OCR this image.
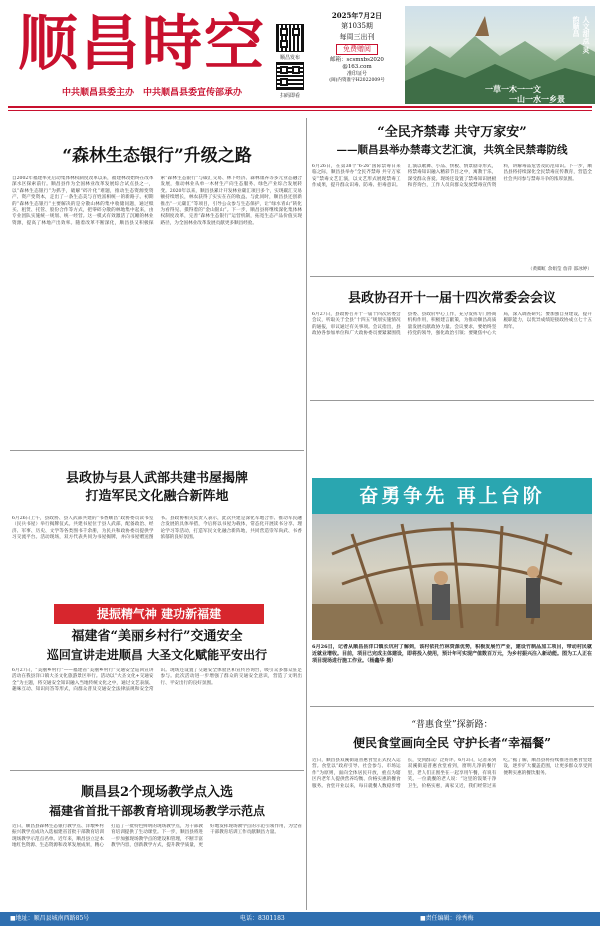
顺昌時空
中共顺昌县委主办　中共顺昌县委宣传部承办
顺昌发布
扫码即看
2025年7月2日
第1035期
每周三出刊
免费赠阅
邮箱：scsmxbs2020
@163.com
准印证号
(闽)内资准字H2022009号
人文甜点 灵韵顺昌
一草一木一一文
一山一水一乡景
“森林生态银行”升级之路
自2002年福建率先启动集体林权制度改革以来，福建林改始终在改革深水区探索前行。顺昌县作为全国林业改革发展综合试点县之一，以“森林生态银行”为抓手，破解“碎片化”难题，推动生态资源变资产、资产变资本，走出了一条生态美与百姓富相统一的新路子。初期的“森林生态银行”主要解决的是分散山林的集中收储问题，通过赎买、租赁、托管、股份合作等方式，把零碎分散的林地集中起来，由专业团队实施统一规划、统一经营。这一模式有效激活了沉睡的林业资源，提高了林地产出效率。随着改革不断深化，顺昌县又积极探索“森林生态银行”与碳汇交易、林下经济、森林康养等多元业态融合发展，推动林业从单一木材生产向生态服务、绿色产业综合发展转变。2020年以来，顺昌县累计开发林业碳汇项目多个，实现碳汇交易额持续增长，林农获得了实实在在的收益。与此同时，顺昌县还创新推出“一元碳汇”等项目，引导公众参与生态保护，让“绿水青山”转化为看得见、摸得着的“金山银山”。下一步，顺昌县将继续深化集体林权制度改革，完善“森林生态银行”运营机制，拓宽生态产品价值实现路径，为全国林业改革发展贡献更多顺昌经验。
县政协与县人武部共建书屋揭牌
打造军民文化融合新阵地
6月26日上午，县政协、县人武部共建的“书香顺昌”政协委员读书室（民兵书屋）举行揭牌仪式。共建书屋位于县人武部，配备政治、经济、军事、历史、文学等各类图书千余册，为民兵和政协委员提供学习交流平台。活动现场，双方代表共同为书屋揭牌，并向书屋赠送图书。县政协相关负责人表示，此次共建是深化军地合作、推动军民融合发展的具体举措，今后将以书屋为载体，常态化开展读书分享、理论学习等活动，打造军民文化融合新阵地，共同营造崇军尚武、书香浓郁的良好氛围。
提振精气神 建功新福建
福建省“美丽乡村行”交通安全
巡回宣讲走进顺昌 大圣文化赋能平安出行
6月27日，“美丽乡村行”——福建省“美丽乡村行”交通安全巡回宣讲活动在我县洋口镇大圣文化旅游景区举行。活动以“大圣文化+交通安全”为主题，将交通安全知识融入当地传统文化之中，通过文艺表演、趣味互动、知识问答等形式，向群众普及交通安全法律法规和安全常识。现场还设置了交通安全体验区和宣传咨询台，吸引众多群众驻足参与。此次活动进一步增强了群众的交通安全意识，营造了文明出行、平安出行的良好氛围。
顺昌县2个现场教学点入选
福建省首批干部教育培训现场教学示范点
近日，顺昌县森林生态银行教学点、洋墩乡村振兴教学点成功入选福建省首批干部教育培训现场教学示范点名单。近年来，顺昌县立足本地红色资源、生态资源和改革发展成果，精心打造了一批特色鲜明的现场教学点，为干部教育培训提供了生动课堂。下一步，顺昌县将进一步加强现场教学点的建设和管理，不断丰富教学内容，创新教学方式，提升教学质量，更好地发挥现场教学点的示范引领作用，为全省干部教育培训工作贡献顺昌力量。
“全民齐禁毒 共守万家安”
——顺昌县举办禁毒文艺汇演，共筑全民禁毒防线
6月26日，在第38个“6·26”国际禁毒日来临之际，顺昌县举办“全民齐禁毒 共守万家安”禁毒文艺汇演，以文艺形式展现禁毒工作成果，提升群众识毒、防毒、拒毒意识。汇演以歌舞、小品、快板、情景剧等形式，将禁毒知识融入精彩节目之中，寓教于乐，深受群众喜爱。现场还设置了禁毒知识展板和咨询台，工作人员向群众发放禁毒宣传资料，讲解毒品危害及防范知识。下一步，顺昌县将持续深化全民禁毒宣传教育，营造全社会共同参与禁毒斗争的浓厚氛围。
（黄卿虹 余娟莹 詹萍 邵冰婷）
县政协召开十一届十四次常委会会议
6月27日，县政协召开十一届十四次常委会会议，听取关于全县“十四五”规划实施情况的通报，审议通过有关事项。会议指出，县政协各参加单位和广大政协委员要紧紧围绕县委、县政府中心工作，充分发挥专门协商机构作用，积极建言献策，为推动顺昌高质量发展贡献政协力量。会议要求，要始终坚持党的领导，强化政治引领；要聚焦中心大局，深入调查研究；要加强自身建设，提升履职能力，以优异成绩迎接政协成立七十五周年。
奋勇争先 再上台阶
6月26日，记者从顺昌县洋口镇长坑村了解到，该村依托竹林资源优势，积极发展竹产业，建设竹制品加工项目，带动村民就近就业增收。目前，项目已完成主体建设，即将投入使用，预计年可实现产值数百万元，为乡村振兴注入新动能。图为工人正在项目现场进行施工作业。（杨鑫华 摄）
“普惠食堂”探新路：
便民食堂画向全民 守护长者“幸福餐”
近日，顺昌县双溪街道普惠食堂正式投入运营。食堂以“政府引导、社会参与、市场运作”为原则，面向全体居民开放，重点为辖区内老年人提供营养均衡、价格实惠的餐食服务。食堂开业以来，每日就餐人数稳步增长，受到群众广泛好评。6月3日，记者来到双溪街道普惠食堂看到，窗明几净的餐厅里，老人们正围坐在一起享用午餐，有说有笑。一位就餐的老人说：“这里的饭菜干净卫生，价格实惠，离家又近，我们经常过来吃。”据了解，顺昌县将持续推进普惠食堂建设，逐步扩大覆盖范围，让更多群众享受到便利实惠的餐饮服务。
■地址：顺昌县城南西路85号	电话：8301183	■责任编辑：徐秀梅
